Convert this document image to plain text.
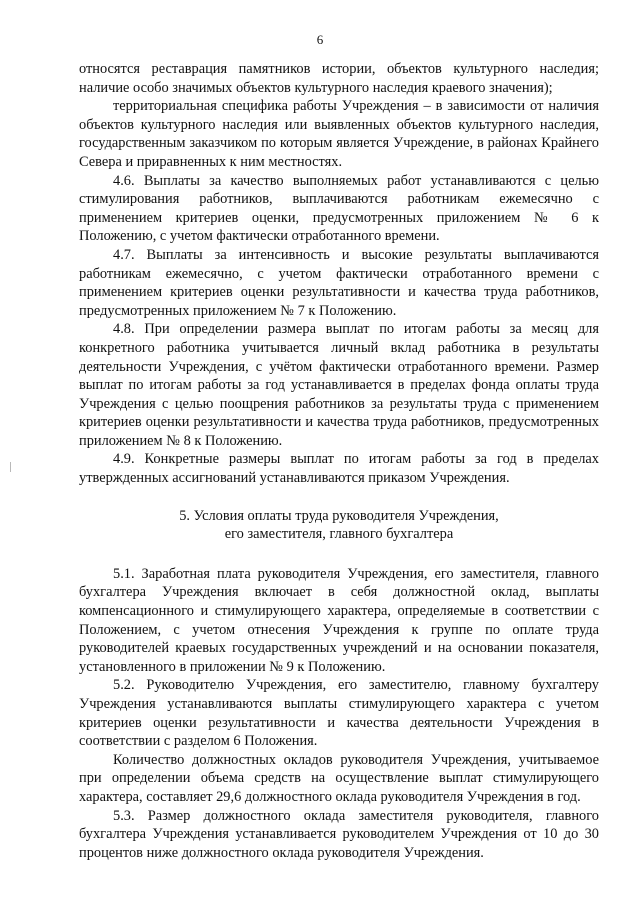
6

относятся реставрация памятников истории, объектов культурного наследия; наличие особо значимых объектов культурного наследия краевого значения);

территориальная специфика работы Учреждения – в зависимости от наличия объектов культурного наследия или выявленных объектов культурного наследия, государственным заказчиком по которым является Учреждение, в районах Крайнего Севера и приравненных к ним местностях.

4.6. Выплаты за качество выполняемых работ устанавливаются с целью стимулирования работников, выплачиваются работникам ежемесячно с применением критериев оценки, предусмотренных приложением № 6 к Положению, с учетом фактически отработанного времени.

4.7. Выплаты за интенсивность и высокие результаты выплачиваются работникам ежемесячно, с учетом фактически отработанного времени с применением критериев оценки результативности и качества труда работников, предусмотренных приложением № 7 к Положению.

4.8. При определении размера выплат по итогам работы за месяц для конкретного работника учитывается личный вклад работника в результаты деятельности Учреждения, с учётом фактически отработанного времени. Размер выплат по итогам работы за год устанавливается в пределах фонда оплаты труда Учреждения с целью поощрения работников за результаты труда с применением критериев оценки результативности и качества труда работников, предусмотренных приложением № 8 к Положению.

4.9. Конкретные размеры выплат по итогам работы за год в пределах утвержденных ассигнований устанавливаются приказом Учреждения.

5. Условия оплаты труда руководителя Учреждения,
его заместителя, главного бухгалтера

5.1. Заработная плата руководителя Учреждения, его заместителя, главного бухгалтера Учреждения включает в себя должностной оклад, выплаты компенсационного и стимулирующего характера, определяемые в соответствии с Положением, с учетом отнесения Учреждения к группе по оплате труда руководителей краевых государственных учреждений и на основании показателя, установленного в приложении № 9 к Положению.

5.2. Руководителю Учреждения, его заместителю, главному бухгалтеру Учреждения устанавливаются выплаты стимулирующего характера с учетом критериев оценки результативности и качества деятельности Учреждения в соответствии с разделом 6 Положения.

Количество должностных окладов руководителя Учреждения, учитываемое при определении объема средств на осуществление выплат стимулирующего характера, составляет 29,6 должностного оклада руководителя Учреждения в год.

5.3. Размер должностного оклада заместителя руководителя, главного бухгалтера Учреждения устанавливается руководителем Учреждения от 10 до 30 процентов ниже должностного оклада руководителя Учреждения.
